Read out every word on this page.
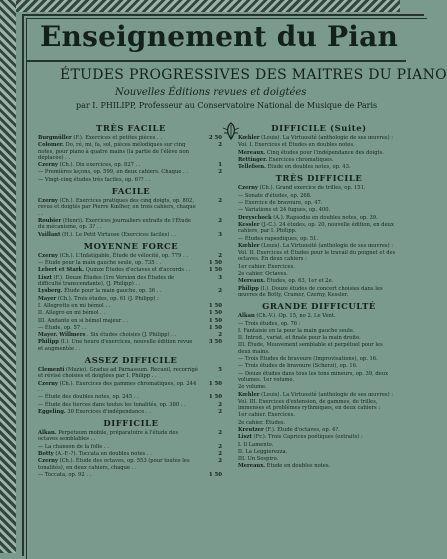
Enseignement du Pian
ÉTUDES PROGRESSIVES DES MAITRES DU PIANO
Nouvelles Éditions revues et doigtées
par I. PHILIPP, Professeur au Conservatoire National de Musique de Paris
TRÈS FACILE
Burgmüller (F.). Exercices et petites pièces . .	2 50
Colomer. Do, ré, mi, fa, sol, pièces mélodiques sur cinq notes, pour piano à quatre mains (la partie de l'élève non déplacée) . .
2
Czerny (Ch.). Dix exercices, op. 827 . .	1
— Premières leçons, op. 599, en deux cahiers. Chaque . .	2
— Vingt-cinq études très faciles, op. 6?? . .
FACILE
Czerny (Ch.). Exercices pratiques des cinq doigts, op. 802, revus et doigtés par Pierre Kœlher, en trois cahiers, chaque . .
2
Roubier (Henri). Exercices journaliers extraits de l'Étude du mécanisme, op. 3? . .
2
Vaillant (H.). Le Petit Virtuose (Exercices faciles) . .	3
MOYENNE FORCE
Czerny (Ch.). L'Infatigable, Étude de vélocité, op. 779 . .	2
— Étude pour la main gauche seule, op. 735 . .	1 50
Lebert et Stark. Quinze Études d'octaves et d'accords . .	1 50
Liszt (F.). Douze Études (1re Version des Études de difficulté transcendante), (J. Philipp) . .
3
Lysberg. Étude pour la main gauche, op. 36 . .	2
Mayer (Ch.). Trois études, op. 61 (J. Philipp) :
I. Allegretto en mi bémol . .	1 50
II. Allegro en mi bémol . .	1 50
III. Andante en si bémol majeur . .	1 50
— Étude, op. 57 . .	1 50
Mayer. Willmers . Six études choisies (J. Philipp) . .	2
Philipp (I.). Une heure d'exercices, nouvelle édition revue et augmentée . .
3 50
ASSEZ DIFFICILE
Clementi (Muzio). Gradus ad Parnassum. Recueil, recorrigé et révisé choisies et doigtées par I. Philipp . .
5
Czerny (Ch.). Exercices des gammes chromatiques, op. 244 . .
1 50
— Étude des doubles notes, op. 245 . .	1 50
— Étude des tierces dans toutes les tonalités, op. 380 . .	2
Eggeling. 30 Exercices d'indépendance . .	2
DIFFICILE
Alkan. Perpetuum mobile, préparatoire à l'étude des octaves semblables . .
2
— La chanson de la folle . .	2
Botty (A.-F.-?). Toccata en doubles notes . .	2
Czerny (Ch.). Étude des octaves, op. 553 (pour toutes les tonalités), en deux cahiers, chaque . .
2
— Toccata, op. 92 . .	1 50
DIFFICILE (Suite)
Kœhler (Louis). La Virtuosité (anthologie de ses œuvres) :
Vol. I. Exercices et Études en doubles notes.
Mereaux. Cinq études pour l'indépendance des doigts.
Rettinger. Exercices chromatiques.
Tellefsen. Étude en doubles notes, op. 43.
TRÈS DIFFICILE
Czerny (Ch.). Grand exercice de trilles, op. 151.
— Sonate d'études, op. 268.
— Exercice de bravoure, op. 47.
— Variations et 24 fugues, op. 400.
Dreyschock (A.). Rapsodie en doubles notes, op. 39.
Kessler (J.-C.). 24 études, op. 20, nouvelle édition, en deux cahiers, par I. Philipp.
— Études rapsodiques, op. 51.
Kœhler (Louis). La Virtuosité (anthologie de ses œuvres) :
Vol. II. Exercices et Études pour le travail du poignet et des octaves. En deux cahiers :
1er cahier. Exercices.
2e cahier. Octaves.
Mereaux. Études, op. 63, 1er et 2e.
Philipp (I.). Douze études de concert choisies dans les œuvres de Botty, Cramer, Czerny, Kessler.
GRANDE DIFFICULTÉ
Alkan (Ch.-V.). Op. 15, no 2. Le Vent.
— Trois études, op. 76 :
I. Fantaisie en la pour la main gauche seule.
II. Introd., variat. et finale pour la main droite.
III. Étude, Mouvement semblable et perpétuel pour les deux mains.
— Trois Études de bravoure (Improvisations), op. 16.
— Trois études de bravoure (Scherzi), op. 16.
— Douze études dans tous les tons mineurs, op. 39, deux volumes. 1er volume.
2e volume.
Kœhler (Louis). La Virtuosité (anthologie de ses œuvres) :
Vol. III. Exercices d'extension, de gammes, de trilles, immenses et problèmes rythmiques, en deux cahiers :
1er cahier. Exercices.
2e cahier. Études.
Kreutzer (F.). Étude d'octaves, op. 4?.
Liszt (Fr.). Trois Caprices poétiques (extraits) :
I. Il Lamento.
II. La Leggierezza.
III. Un Sospiro.
Mereaux. Étude en doubles notes.
